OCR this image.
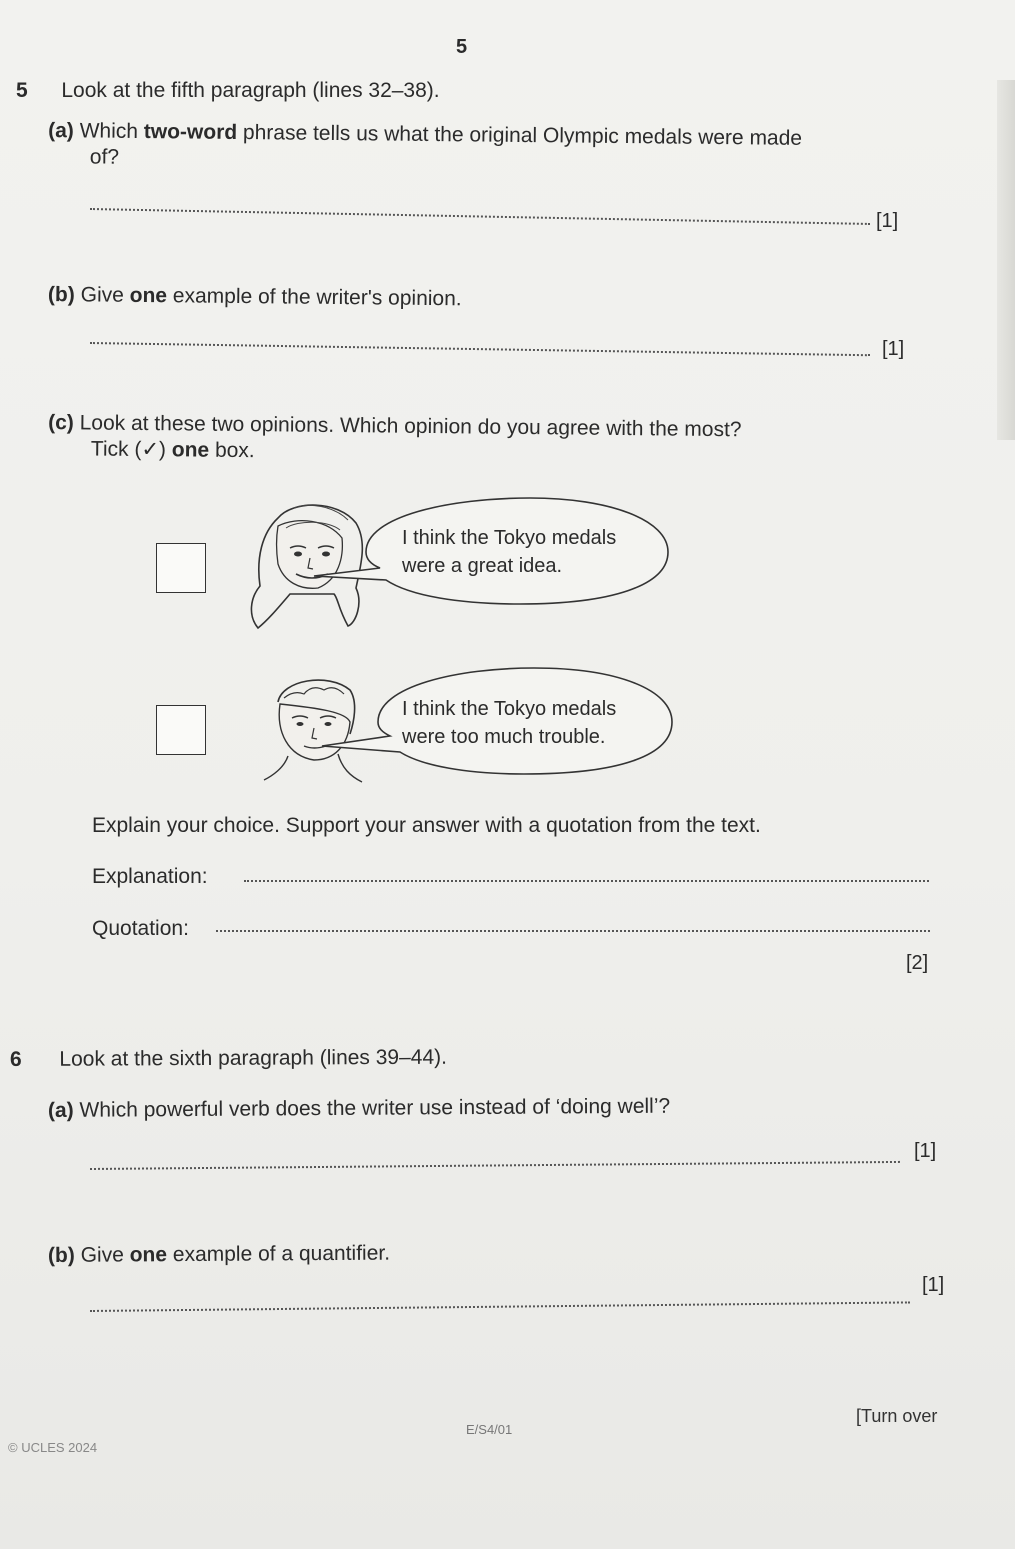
5
5 Look at the fifth paragraph (lines 32–38).
(a) Which two-word phrase tells us what the original Olympic medals were made
of?
[1]
(b) Give one example of the writer's opinion.
[1]
(c) Look at these two opinions. Which opinion do you agree with the most?
Tick (✓) one box.
I think the Tokyo medals
were a great idea.
I think the Tokyo medals
were too much trouble.
Explain your choice. Support your answer with a quotation from the text.
Explanation:
Quotation:
[2]
6 Look at the sixth paragraph (lines 39–44).
(a) Which powerful verb does the writer use instead of ‘doing well’?
[1]
(b) Give one example of a quantifier.
[1]
E/S4/01
[Turn over
© UCLES 2024
